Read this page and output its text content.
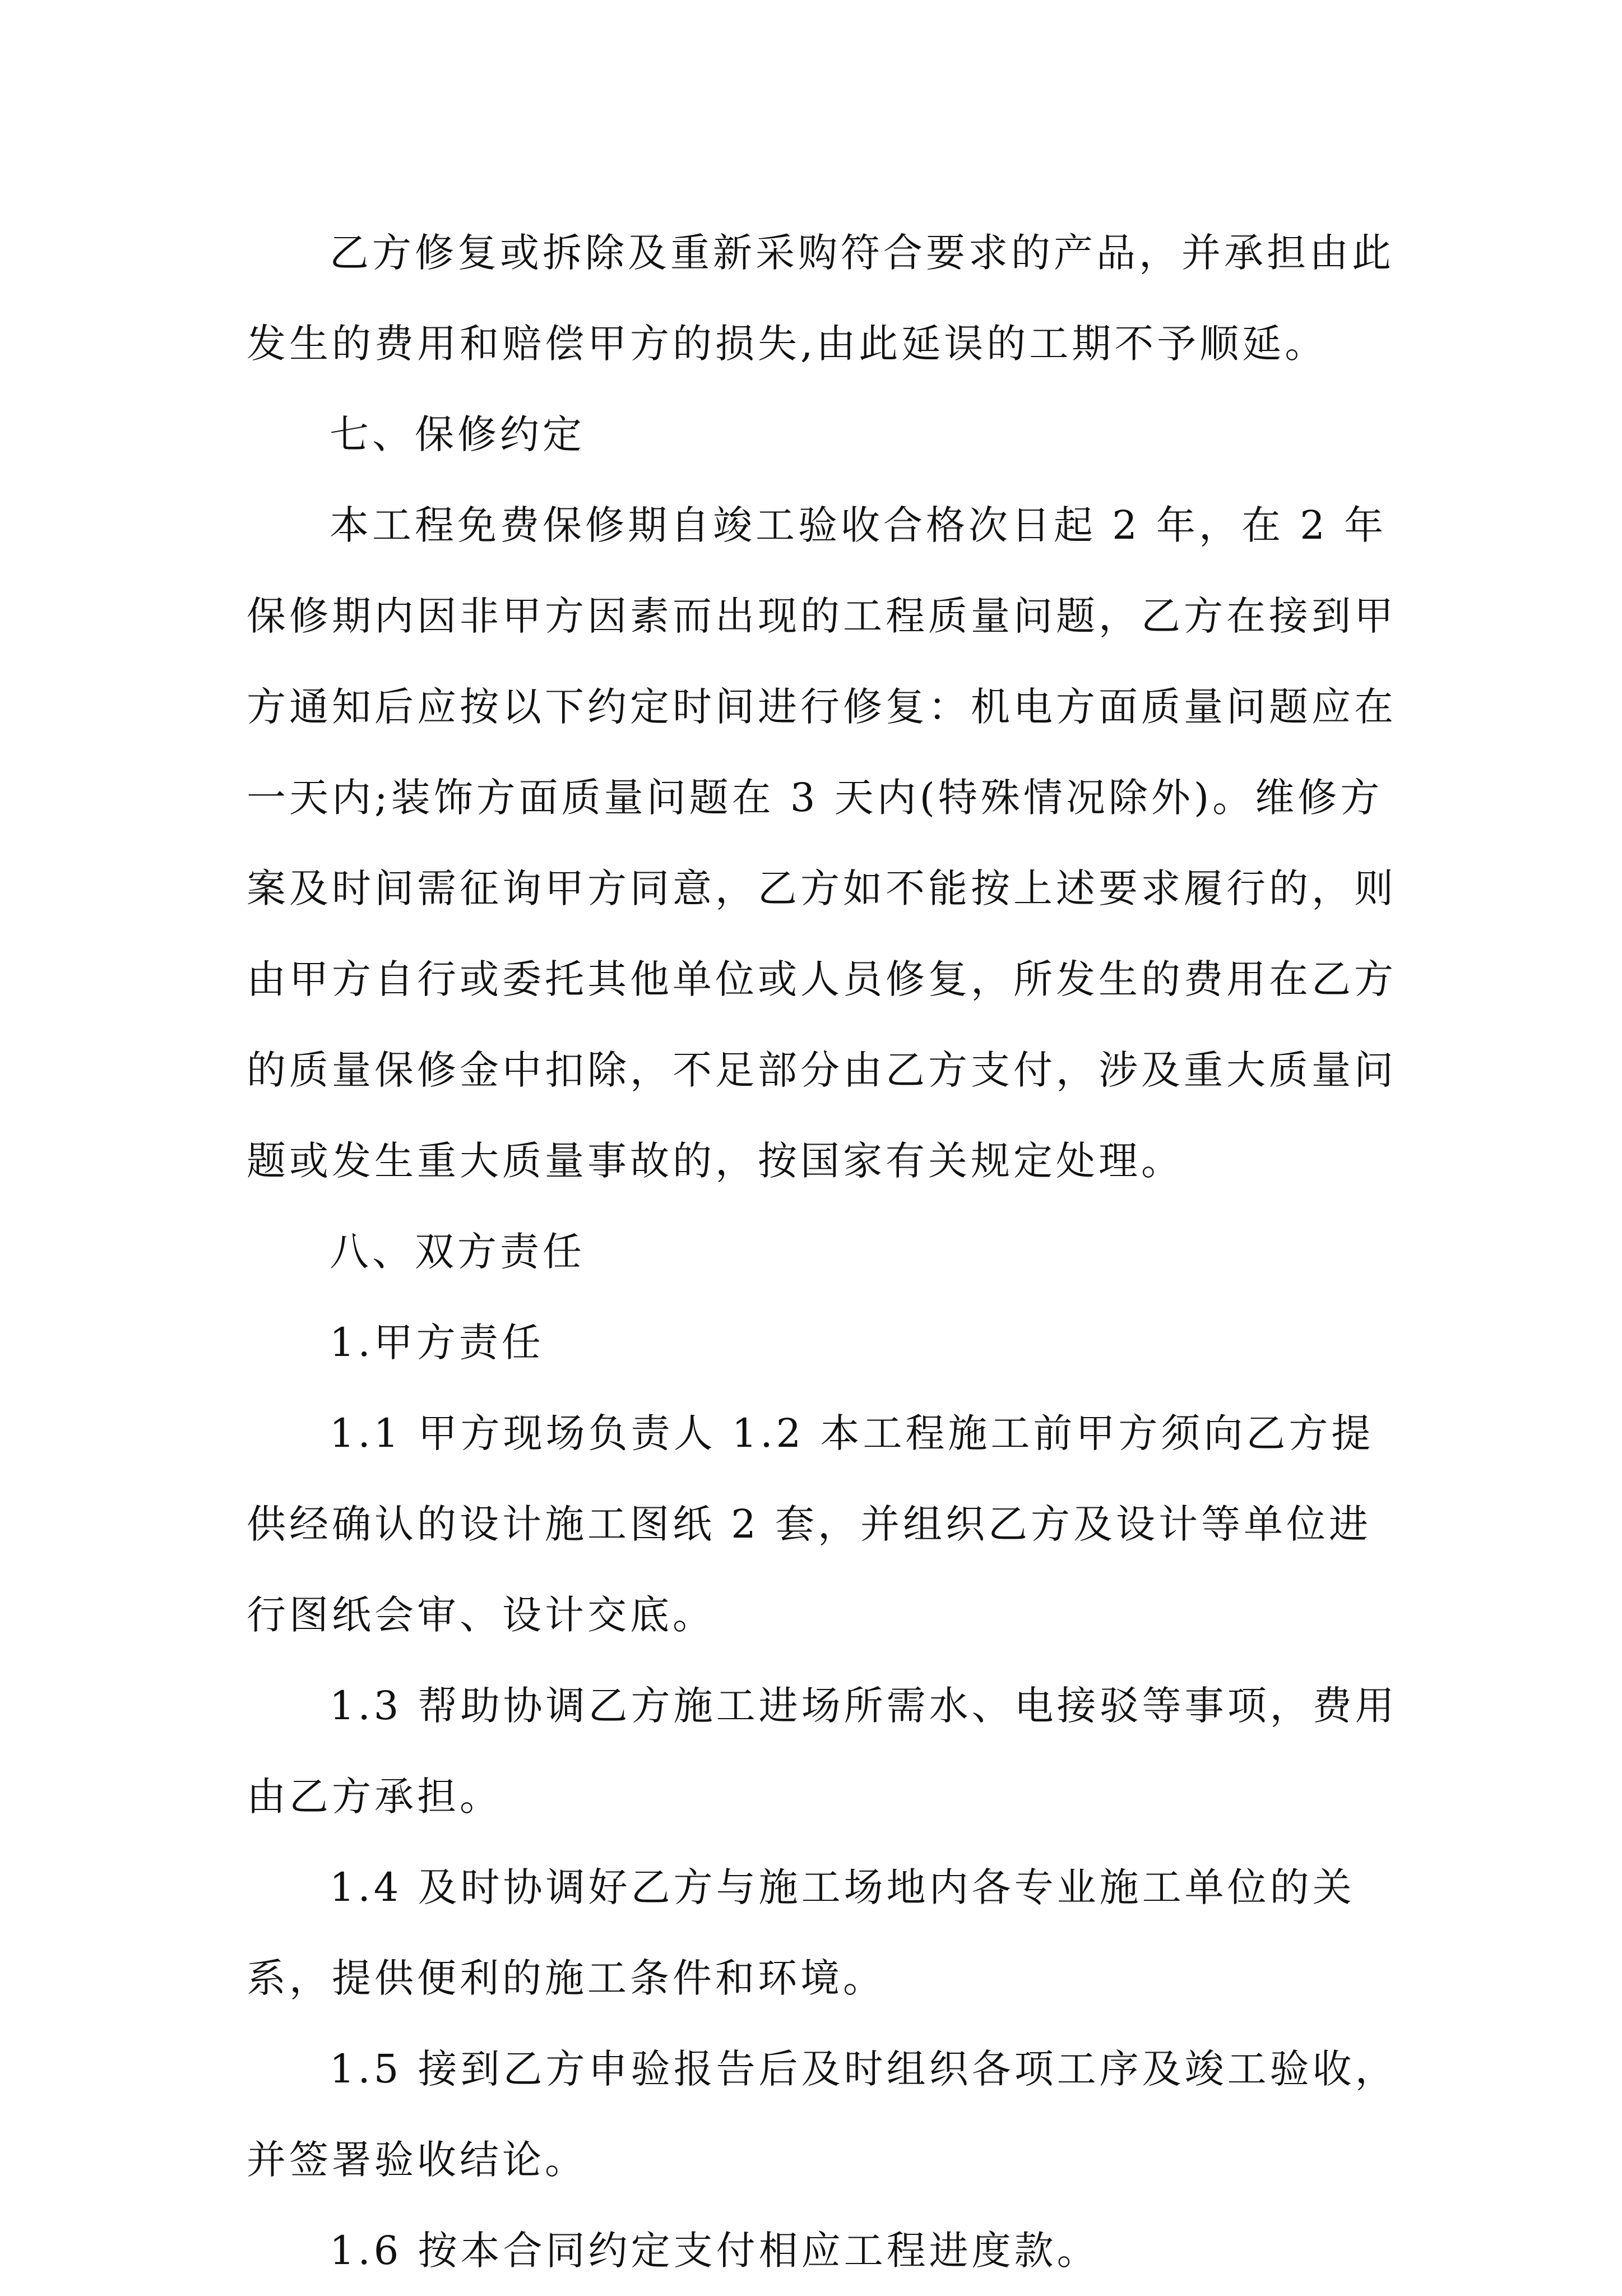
乙方修复或拆除及重新采购符合要求的产品，并承担由此发生的费用和赔偿甲方的损失,由此延误的工期不予顺延。

七、保修约定

本工程免费保修期自竣工验收合格次日起 2 年，在 2 年保修期内因非甲方因素而出现的工程质量问题，乙方在接到甲方通知后应按以下约定时间进行修复：机电方面质量问题应在一天内;装饰方面质量问题在 3 天内(特殊情况除外)。维修方案及时间需征询甲方同意，乙方如不能按上述要求履行的，则由甲方自行或委托其他单位或人员修复，所发生的费用在乙方的质量保修金中扣除，不足部分由乙方支付，涉及重大质量问题或发生重大质量事故的，按国家有关规定处理。

八、双方责任

1.甲方责任

1.1 甲方现场负责人 1.2 本工程施工前甲方须向乙方提供经确认的设计施工图纸 2 套，并组织乙方及设计等单位进行图纸会审、设计交底。

1.3 帮助协调乙方施工进场所需水、电接驳等事项，费用由乙方承担。

1.4 及时协调好乙方与施工场地内各专业施工单位的关系，提供便利的施工条件和环境。

1.5 接到乙方申验报告后及时组织各项工序及竣工验收，并签署验收结论。

1.6 按本合同约定支付相应工程进度款。
